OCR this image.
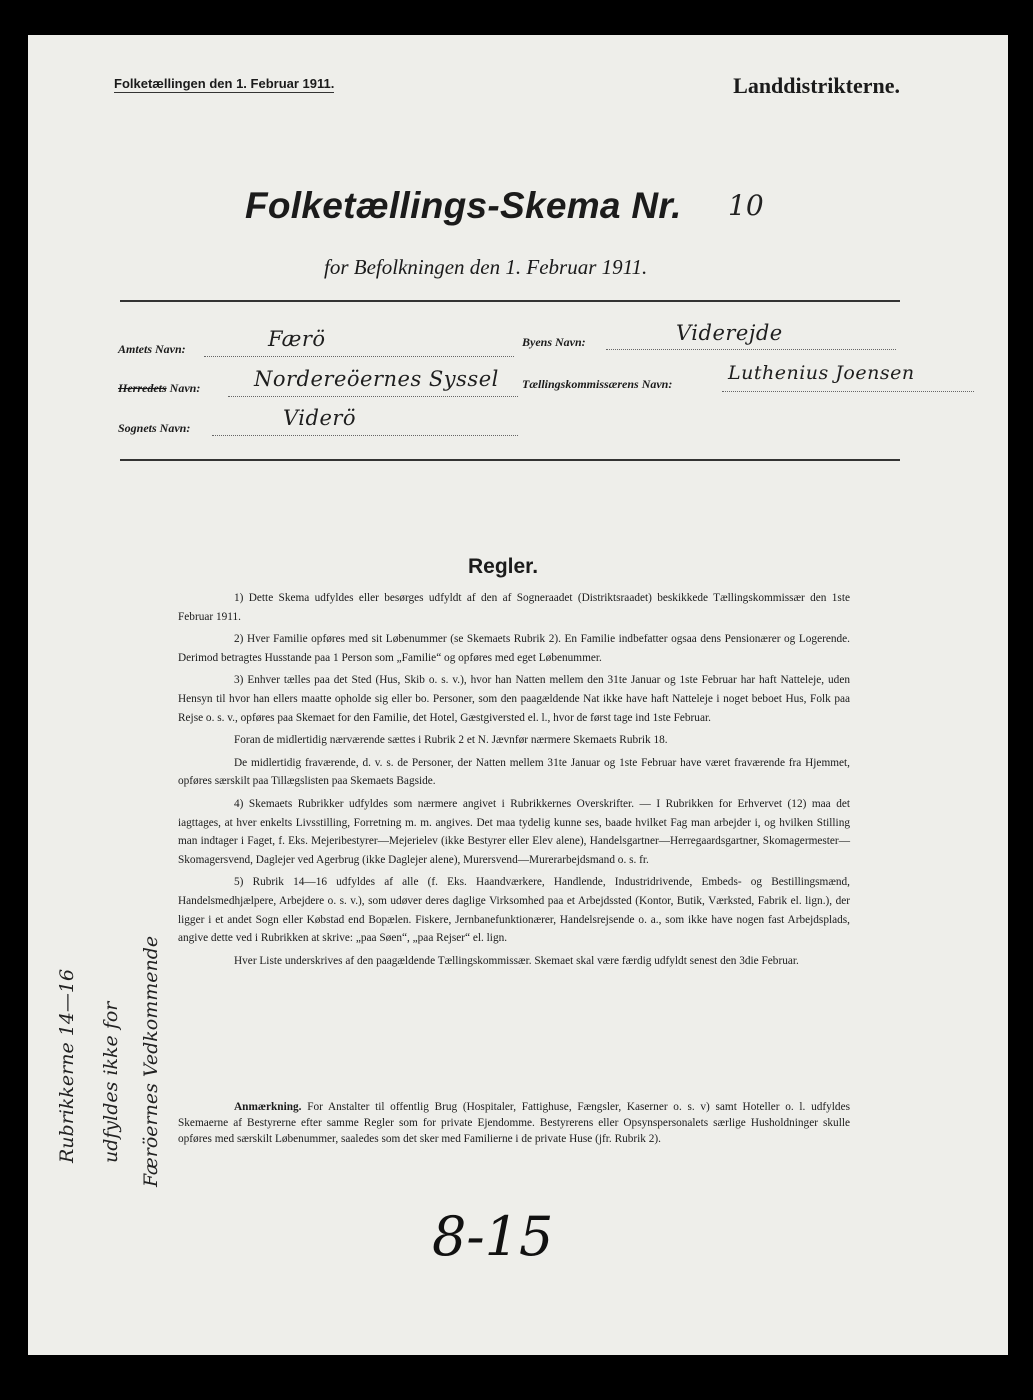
Folketællingen den 1. Februar 1911.	Landdistrikterne.
Folketællings-Skema Nr. 10
for Befolkningen den 1. Februar 1911.
Amtets Navn:	Færö
Herredets Navn:	Nordereöernes Syssel
Sognets Navn:	Viderö
Byens Navn:	Viderejde
Tællingskommissærens Navn:	Luthenius Joensen
Regler.

1) Dette Skema udfyldes eller besørges udfyldt af den af Sogneraadet (Distriktsraadet) beskikkede Tællingskommissær den 1ste Februar 1911.

2) Hver Familie opføres med sit Løbenummer (se Skemaets Rubrik 2). En Familie indbefatter ogsaa dens Pensionærer og Logerende. Derimod betragtes Husstande paa 1 Person som „Familie“ og opføres med eget Løbenummer.

3) Enhver tælles paa det Sted (Hus, Skib o. s. v.), hvor han Natten mellem den 31te Januar og 1ste Februar har haft Natteleje, uden Hensyn til hvor han ellers maatte opholde sig eller bo. Personer, som den paagældende Nat ikke have haft Natteleje i noget beboet Hus, Folk paa Rejse o. s. v., opføres paa Skemaet for den Familie, det Hotel, Gæstgiversted el. l., hvor de først tage ind 1ste Februar.

Foran de midlertidig nærværende sættes i Rubrik 2 et N. Jævnfør nærmere Skemaets Rubrik 18.

De midlertidig fraværende, d. v. s. de Personer, der Natten mellem 31te Januar og 1ste Februar have været fraværende fra Hjemmet, opføres særskilt paa Tillægslisten paa Skemaets Bagside.

4) Skemaets Rubrikker udfyldes som nærmere angivet i Rubrikkernes Overskrifter. — I Rubrikken for Erhvervet (12) maa det iagttages, at hver enkelts Livsstilling, Forretning m. m. angives. Det maa tydelig kunne ses, baade hvilket Fag man arbejder i, og hvilken Stilling man indtager i Faget, f. Eks. Mejeribestyrer—Mejerielev (ikke Bestyrer eller Elev alene), Handelsgartner—Herregaardsgartner, Skomagermester—Skomagersvend, Daglejer ved Agerbrug (ikke Daglejer alene), Murersvend—Murerarbejdsmand o. s. fr.

5) Rubrik 14—16 udfyldes af alle (f. Eks. Haandværkere, Handlende, Industridrivende, Embeds- og Bestillingsmænd, Handelsmedhjælpere, Arbejdere o. s. v.), som udøver deres daglige Virksomhed paa et Arbejdssted (Kontor, Butik, Værksted, Fabrik el. lign.), der ligger i et andet Sogn eller Købstad end Bopælen. Fiskere, Jernbanefunktionærer, Handelsrejsende o. a., som ikke have nogen fast Arbejdsplads, angive dette ved i Rubrikken at skrive: „paa Søen“, „paa Rejser“ el. lign.

Hver Liste underskrives af den paagældende Tællingskommissær. Skemaet skal være færdig udfyldt senest den 3die Februar.

Anmærkning. For Anstalter til offentlig Brug (Hospitaler, Fattighuse, Fængsler, Kaserner o. s. v) samt Hoteller o. l. udfyldes Skemaerne af Bestyrerne efter samme Regler som for private Ejendomme. Bestyrerens eller Opsynspersonalets særlige Husholdninger skulle opføres med særskilt Løbenummer, saaledes som det sker med Familierne i de private Huse (jfr. Rubrik 2).
Rubrikkerne 14—16 udfyldes ikke for Færöernes Vedkommende
8-15
